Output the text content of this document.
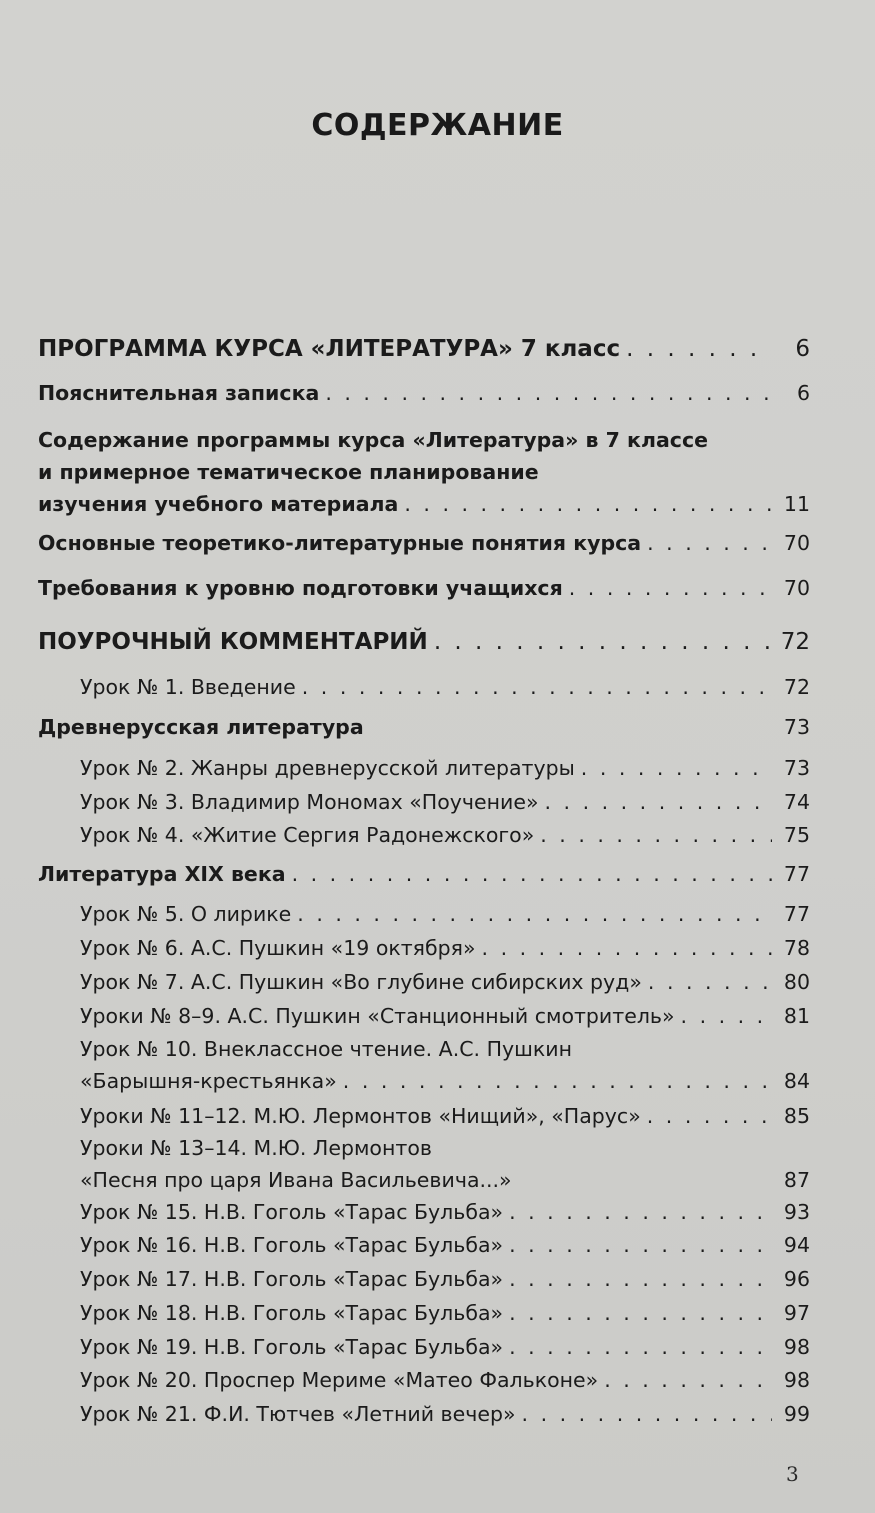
СОДЕРЖАНИЕ
ПРОГРАММА КУРСА «ЛИТЕРАТУРА» 7 класс . . .	6
Пояснительная записка . . .	6
Содержание программы курса «Литература» в 7 классе
и примерное тематическое планирование
изучения учебного материала . . .	11
Основные теоретико-литературные понятия курса . . .	70
Требования к уровню подготовки учащихся . . .	70
ПОУРОЧНЫЙ КОММЕНТАРИЙ . . .	72
Урок № 1. Введение . . .	72
Древнерусская литература	73
Урок № 2. Жанры древнерусской литературы . . .	73
Урок № 3. Владимир Мономах «Поучение» . . .	74
Урок № 4. «Житие Сергия Радонежского» . . .	75
Литература XIX века . . .	77
Урок № 5. О лирике . . .	77
Урок № 6. А.С. Пушкин «19 октября» . . .	78
Урок № 7. А.С. Пушкин «Во глубине сибирских руд» . . .	80
Уроки № 8–9. А.С. Пушкин «Станционный смотритель» . . .	81
Урок № 10. Внеклассное чтение. А.С. Пушкин
«Барышня-крестьянка» . . .	84
Уроки № 11–12. М.Ю. Лермонтов «Нищий», «Парус» . . .	85
Уроки № 13–14. М.Ю. Лермонтов
«Песня про царя Ивана Васильевича...»	87
Урок № 15. Н.В. Гоголь «Тарас Бульба» . . .	93
Урок № 16. Н.В. Гоголь «Тарас Бульба» . . .	94
Урок № 17. Н.В. Гоголь «Тарас Бульба» . . .	96
Урок № 18. Н.В. Гоголь «Тарас Бульба» . . .	97
Урок № 19. Н.В. Гоголь «Тарас Бульба» . . .	98
Урок № 20. Проспер Мериме «Матео Фальконе» . . .	98
Урок № 21. Ф.И. Тютчев «Летний вечер» . . .	99
3
